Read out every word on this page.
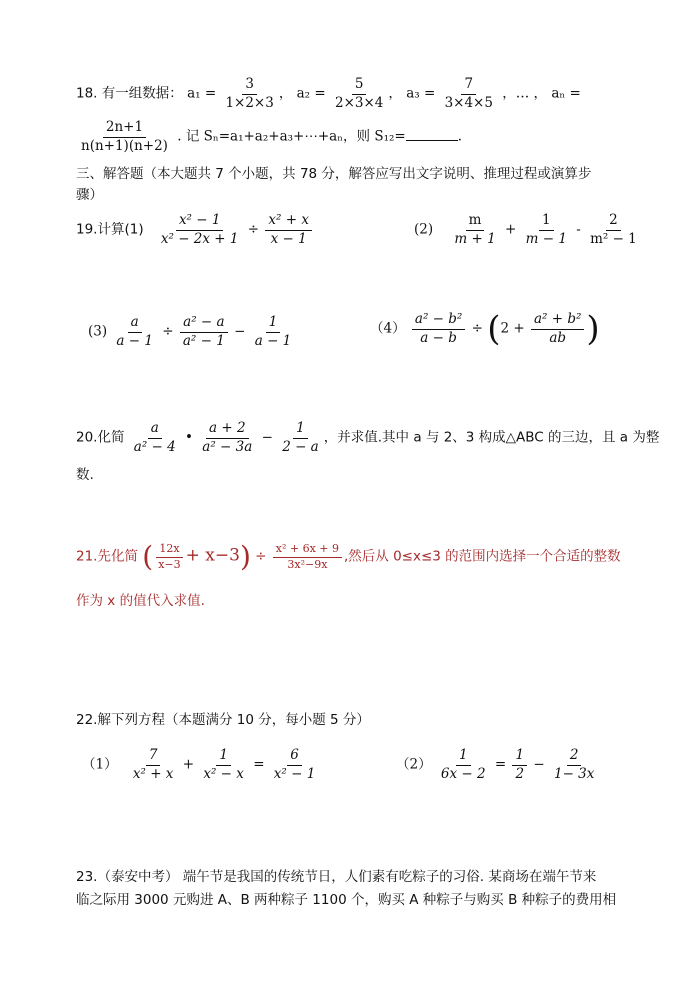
18. 有一组数据： $a_1 = \frac{3}{1\times 2\times 3}$ ， $a_2 = \frac{5}{2\times 3\times 4}$ ， $a_3 = \frac{7}{3\times 4\times 5}$ ，… ， aₙ =
$\frac{2n+1}{n(n+1)(n+2)}$ . 记 Sₙ=a₁+a₂+a₃+⋯+aₙ，则 S₁₂=	.
三、解答题（本大题共 7 个小题，共 78 分，解答应写出文字说明、推理过程或演算步
骤）
19.计算$(1) \frac{\text{x² − 1}}{\text{x² − 2x + 1}} \div \frac{\text{x² + x}}{x - 1}$	$(2) \frac{m}{m + 1} + \frac{1}{m - 1} - \frac{2}{\text{m² − 1}}$
$(3) \frac{a}{a - 1} \div \frac{\text{a² − a}}{\text{a² − 1}} - \frac{1}{a - 1}$	$(4) \frac{\text{a² − b²}}{a - b} \div (2 + \frac{\text{a² + b²}}{ab}$ )
20.化简 $\frac{a}{\text{a² − 4}}$ • $\frac{a + 2}{\text{a² − 3a}} - \frac{1}{2 - a}$ ，并求值.其中 a 与 2、3 构成△ABC 的三边，且 a 为整
数.
21.先化简 ( $\frac{12x}{x-3} + x-3) \div \frac{\text{x² + 6x + 9}}{\text{3x²−9x}}$ ,然后从 0≤x≤3 的范围内选择一个合适的整数
作为 x 的值代入求值.
22.解下列方程（本题满分 10 分，每小题 5 分）
$(1) \frac{7}{\text{x² + x}} + \frac{1}{\text{x² − x}} = \frac{6}{\text{x² − 1}}$	$(2) \frac{1}{6x - 2} = \frac{1}{2} - \frac{2}{1- 3x}$
23.（泰安中考） 端午节是我国的传统节日，人们素有吃粽子的习俗. 某商场在端午节来
临之际用 3000 元购进 A、B 两种粽子 1100 个，购买 A 种粽子与购买 B 种粽子的费用相
